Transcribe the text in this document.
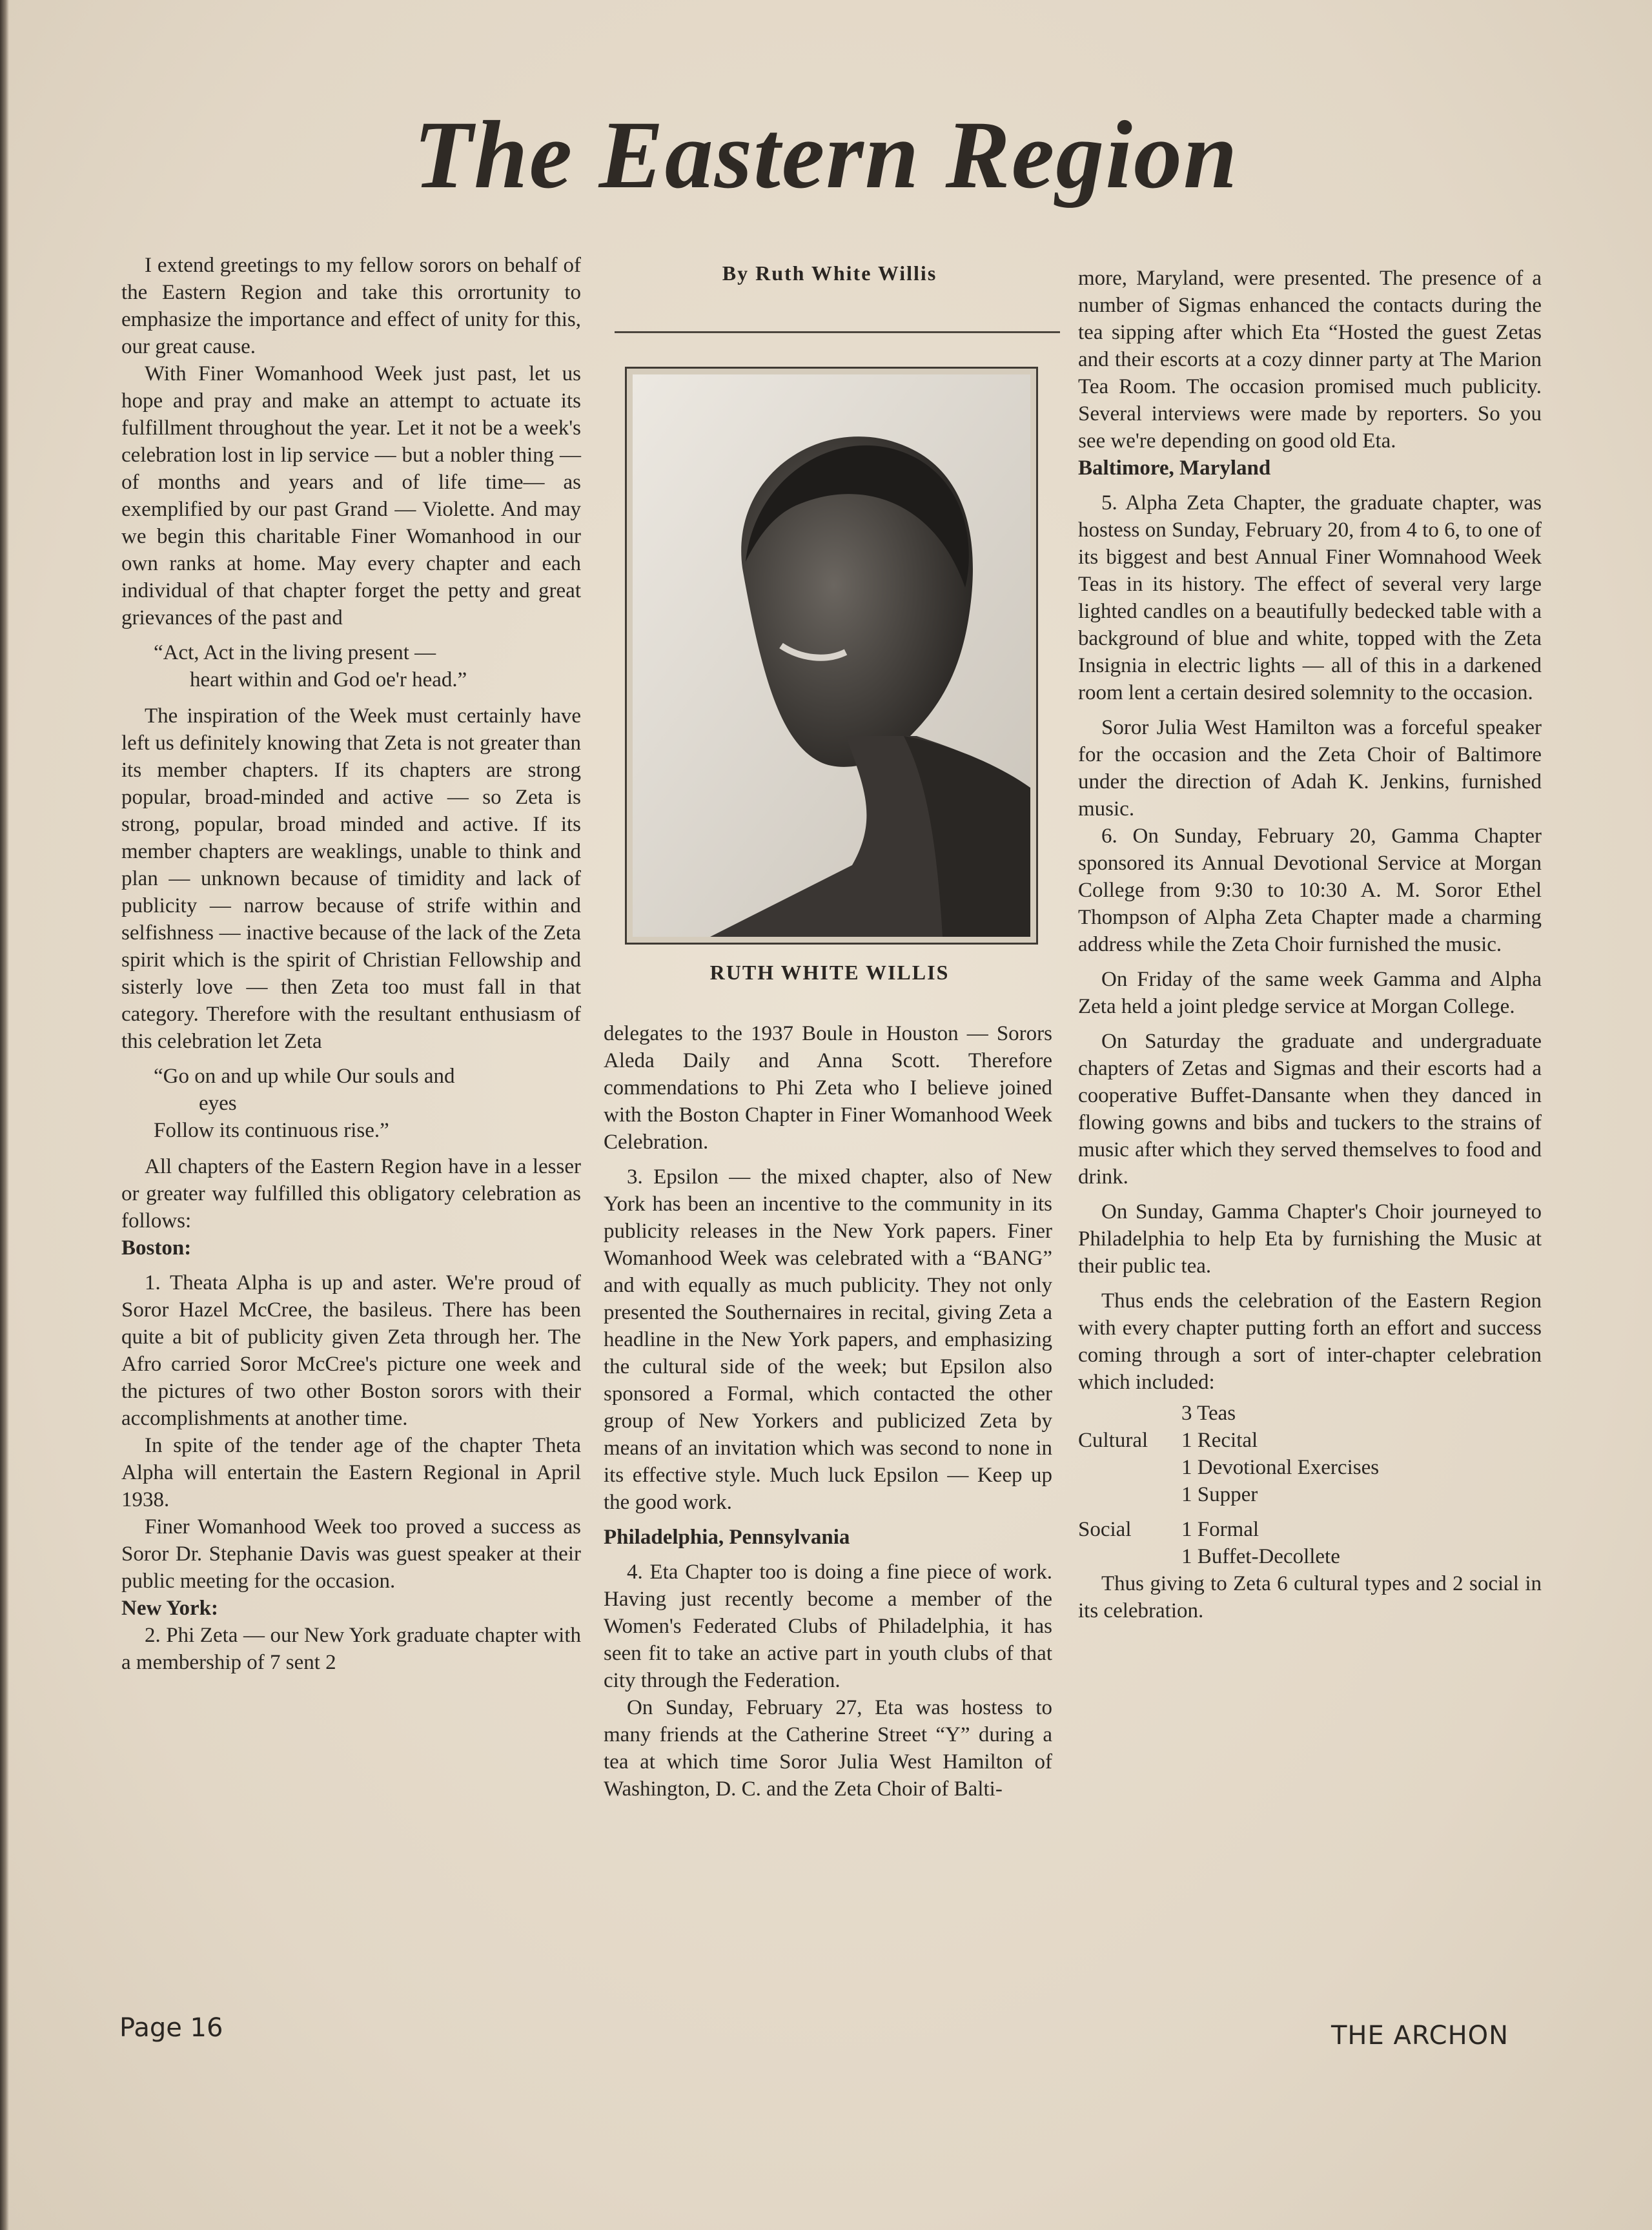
The Eastern Region

I extend greetings to my fellow sorors on behalf of the Eastern Region and take this orrortunity to emphasize the importance and effect of unity for this, our great cause.

With Finer Womanhood Week just past, let us hope and pray and make an attempt to actuate its fulfillment throughout the year. Let it not be a week's celebration lost in lip service — but a nobler thing —of months and years and of life time— as exemplified by our past Grand — Violette. And may we begin this charitable Finer Womanhood in our own ranks at home. May every chapter and each individual of that chapter forget the petty and great grievances of the past and

“Act, Act in the living present —
heart within and God oe'r head.”

The inspiration of the Week must certainly have left us definitely knowing that Zeta is not greater than its member chapters. If its chapters are strong popular, broad-minded and active — so Zeta is strong, popular, broad minded and active. If its member chapters are weaklings, unable to think and plan — unknown because of timidity and lack of publicity — narrow because of strife within and selfishness — inactive because of the lack of the Zeta spirit which is the spirit of Christian Fellowship and sisterly love — then Zeta too must fall in that category. Therefore with the resultant enthusiasm of this celebration let Zeta

“Go on and up while Our souls and
eyes
Follow its continuous rise.”

All chapters of the Eastern Region have in a lesser or greater way fulfilled this obligatory celebration as follows:

Boston:

1. Theata Alpha is up and aster. We're proud of Soror Hazel McCree, the basileus. There has been quite a bit of publicity given Zeta through her. The Afro carried Soror McCree's picture one week and the pictures of two other Boston sorors with their accomplishments at another time.

In spite of the tender age of the chapter Theta Alpha will entertain the Eastern Regional in April 1938.

Finer Womanhood Week too proved a success as Soror Dr. Stephanie Davis was guest speaker at their public meeting for the occasion.

New York:

2. Phi Zeta — our New York graduate chapter with a membership of 7 sent 2

By Ruth White Willis
RUTH WHITE WILLIS

delegates to the 1937 Boule in Houston — Sorors Aleda Daily and Anna Scott. Therefore commendations to Phi Zeta who I believe joined with the Boston Chapter in Finer Womanhood Week Celebration.

3. Epsilon — the mixed chapter, also of New York has been an incentive to the community in its publicity releases in the New York papers. Finer Womanhood Week was celebrated with a “BANG” and with equally as much publicity. They not only presented the Southernaires in recital, giving Zeta a headline in the New York papers, and emphasizing the cultural side of the week; but Epsilon also sponsored a Formal, which contacted the other group of New Yorkers and publicized Zeta by means of an invitation which was second to none in its effective style. Much luck Epsilon — Keep up the good work.

Philadelphia, Pennsylvania

4. Eta Chapter too is doing a fine piece of work. Having just recently become a member of the Women's Federated Clubs of Philadelphia, it has seen fit to take an active part in youth clubs of that city through the Federation.

On Sunday, February 27, Eta was hostess to many friends at the Catherine Street “Y” during a tea at which time Soror Julia West Hamilton of Washington, D. C. and the Zeta Choir of Balti-

more, Maryland, were presented. The presence of a number of Sigmas enhanced the contacts during the tea sipping after which Eta “Hosted the guest Zetas and their escorts at a cozy dinner party at The Marion Tea Room. The occasion promised much publicity. Several interviews were made by reporters. So you see we're depending on good old Eta.

Baltimore, Maryland

5. Alpha Zeta Chapter, the graduate chapter, was hostess on Sunday, February 20, from 4 to 6, to one of its biggest and best Annual Finer Womnahood Week Teas in its history. The effect of several very large lighted candles on a beautifully bedecked table with a background of blue and white, topped with the Zeta Insignia in electric lights — all of this in a darkened room lent a certain desired solemnity to the occasion.

Soror Julia West Hamilton was a forceful speaker for the occasion and the Zeta Choir of Baltimore under the direction of Adah K. Jenkins, furnished music.

6. On Sunday, February 20, Gamma Chapter sponsored its Annual Devotional Service at Morgan College from 9:30 to 10:30 A. M. Soror Ethel Thompson of Alpha Zeta Chapter made a charming address while the Zeta Choir furnished the music.

On Friday of the same week Gamma and Alpha Zeta held a joint pledge service at Morgan College.

On Saturday the graduate and undergraduate chapters of Zetas and Sigmas and their escorts had a cooperative Buffet-Dansante when they danced in flowing gowns and bibs and tuckers to the strains of music after which they served themselves to food and drink.

On Sunday, Gamma Chapter's Choir journeyed to Philadelphia to help Eta by furnishing the Music at their public tea.

Thus ends the celebration of the Eastern Region with every chapter putting forth an effort and success coming through a sort of inter-chapter celebration which included:

3 Teas
Cultural	1 Recital
1 Devotional Exercises
1 Supper
Social	1 Formal
1 Buffet-Decollete

Thus giving to Zeta 6 cultural types and 2 social in its celebration.

Page 16	THE ARCHON
